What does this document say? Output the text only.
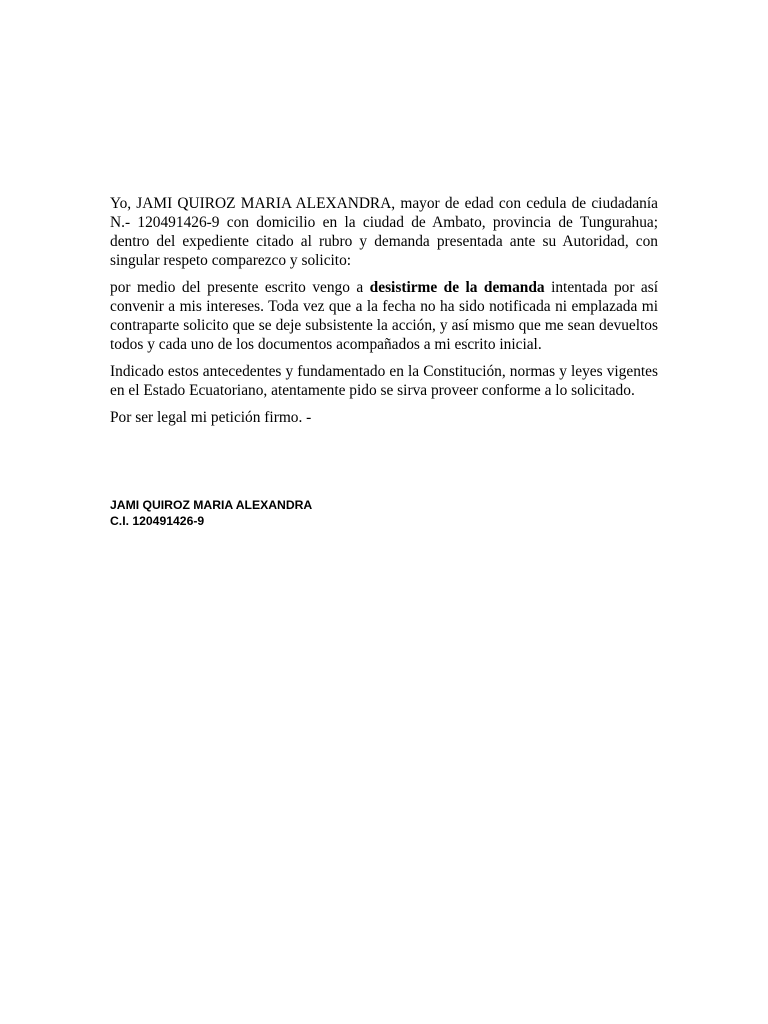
Yo, JAMI QUIROZ MARIA ALEXANDRA, mayor de edad con cedula de ciudadanía N.- 120491426-9 con domicilio en la ciudad de Ambato, provincia de Tungurahua; dentro del expediente citado al rubro y demanda presentada ante su Autoridad, con singular respeto comparezco y solicito:

por medio del presente escrito vengo a desistirme de la demanda intentada por así convenir a mis intereses. Toda vez que a la fecha no ha sido notificada ni emplazada mi contraparte solicito que se deje subsistente la acción, y así mismo que me sean devueltos todos y cada uno de los documentos acompañados a mi escrito inicial.

Indicado estos antecedentes y fundamentado en la Constitución, normas y leyes vigentes en el Estado Ecuatoriano, atentamente pido se sirva proveer conforme a lo solicitado.

Por ser legal mi petición firmo. -

JAMI QUIROZ MARIA ALEXANDRA
C.I. 120491426-9
